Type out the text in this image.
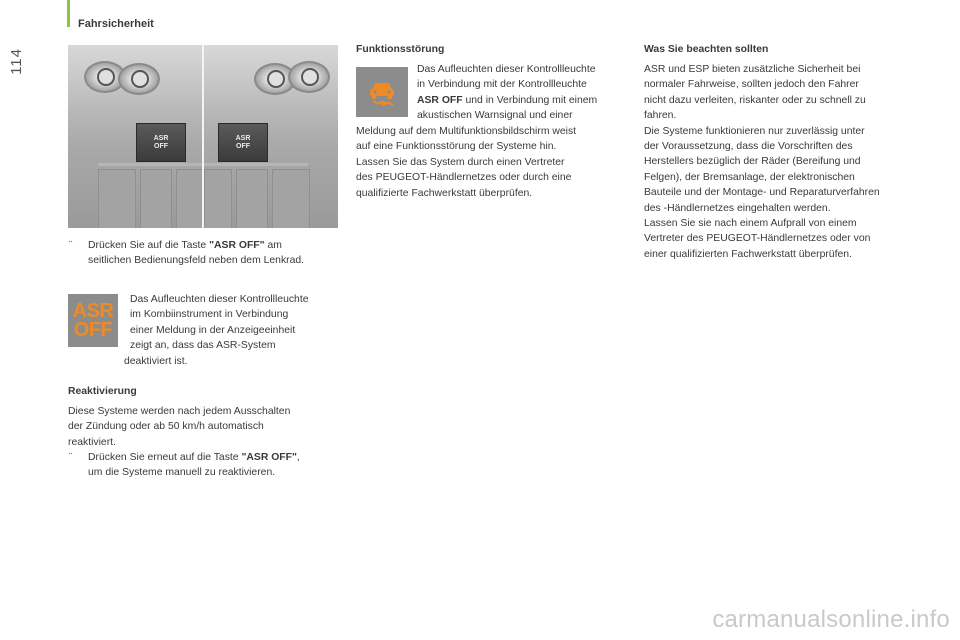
Fahrsicherheit
114
ASR
OFF
ASR
OFF
¨ Drücken Sie auf die Taste "ASR OFF" am
seitlichen Bedienungsfeld neben dem Lenkrad.
ASR
OFF
Das Aufleuchten dieser Kontrollleuchte
im Kombiinstrument in Verbindung
einer Meldung in der Anzeigeeinheit
zeigt an, dass das ASR-System
deaktiviert ist.
Reaktivierung
Diese Systeme werden nach jedem Ausschalten
der Zündung oder ab 50 km/h automatisch
reaktiviert.
¨ Drücken Sie erneut auf die Taste "ASR OFF",
um die Systeme manuell zu reaktivieren.
Funktionsstörung
Das Aufleuchten dieser Kontrollleuchte
in Verbindung mit der Kontrollleuchte
ASR OFF und in Verbindung mit einem
akustischen Warnsignal und einer
Meldung auf dem Multifunktionsbildschirm weist
auf eine Funktionsstörung der Systeme hin.
Lassen Sie das System durch einen Vertreter
des PEUGEOT-Händlernetzes oder durch eine
qualifizierte Fachwerkstatt überprüfen.
Was Sie beachten sollten
ASR und ESP bieten zusätzliche Sicherheit bei
normaler Fahrweise, sollten jedoch den Fahrer
nicht dazu verleiten, riskanter oder zu schnell zu
fahren.
Die Systeme funktionieren nur zuverlässig unter
der Voraussetzung, dass die Vorschriften des
Herstellers bezüglich der Räder (Bereifung und
Felgen), der Bremsanlage, der elektronischen
Bauteile und der Montage- und Reparaturverfahren
des -Händlernetzes eingehalten werden.
Lassen Sie sie nach einem Aufprall von einem
Vertreter des PEUGEOT-Händlernetzes oder von
einer qualifizierten Fachwerkstatt überprüfen.
carmanualsonline.info
